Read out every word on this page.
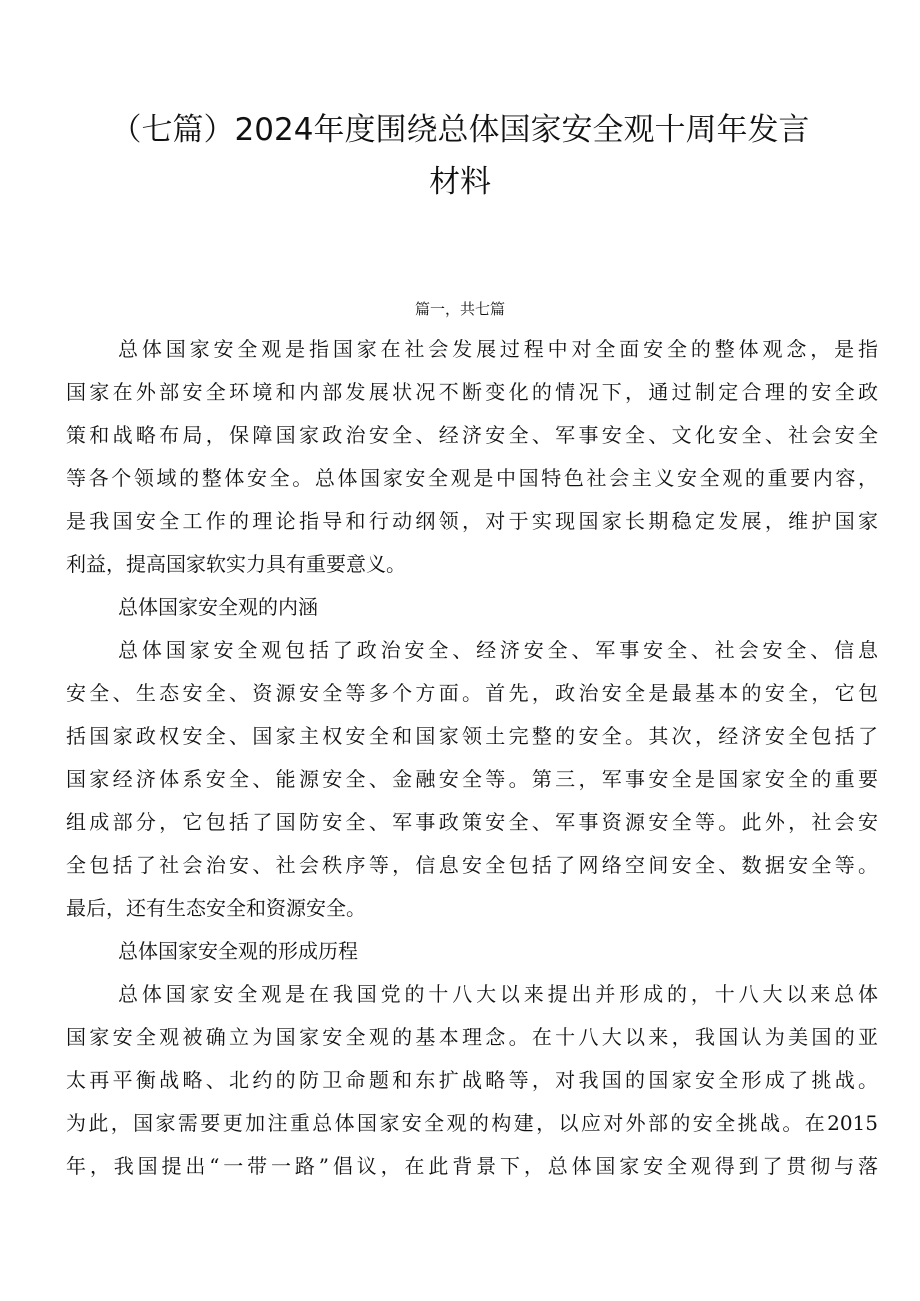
（七篇）2024年度围绕总体国家安全观十周年发言
材料
篇一，共七篇
总体国家安全观是指国家在社会发展过程中对全面安全的整体观念，是指
国家在外部安全环境和内部发展状况不断变化的情况下，通过制定合理的安全政
策和战略布局，保障国家政治安全、经济安全、军事安全、文化安全、社会安全
等各个领域的整体安全。总体国家安全观是中国特色社会主义安全观的重要内容，
是我国安全工作的理论指导和行动纲领，对于实现国家长期稳定发展，维护国家
利益，提高国家软实力具有重要意义。
总体国家安全观的内涵
总体国家安全观包括了政治安全、经济安全、军事安全、社会安全、信息
安全、生态安全、资源安全等多个方面。首先，政治安全是最基本的安全，它包
括国家政权安全、国家主权安全和国家领土完整的安全。其次，经济安全包括了
国家经济体系安全、能源安全、金融安全等。第三，军事安全是国家安全的重要
组成部分，它包括了国防安全、军事政策安全、军事资源安全等。此外，社会安
全包括了社会治安、社会秩序等，信息安全包括了网络空间安全、数据安全等。
最后，还有生态安全和资源安全。
总体国家安全观的形成历程
总体国家安全观是在我国党的十八大以来提出并形成的，十八大以来总体
国家安全观被确立为国家安全观的基本理念。在十八大以来，我国认为美国的亚
太再平衡战略、北约的防卫命题和东扩战略等，对我国的国家安全形成了挑战。
为此，国家需要更加注重总体国家安全观的构建，以应对外部的安全挑战。在2015
年，我国提出“一带一路”倡议，在此背景下，总体国家安全观得到了贯彻与落
